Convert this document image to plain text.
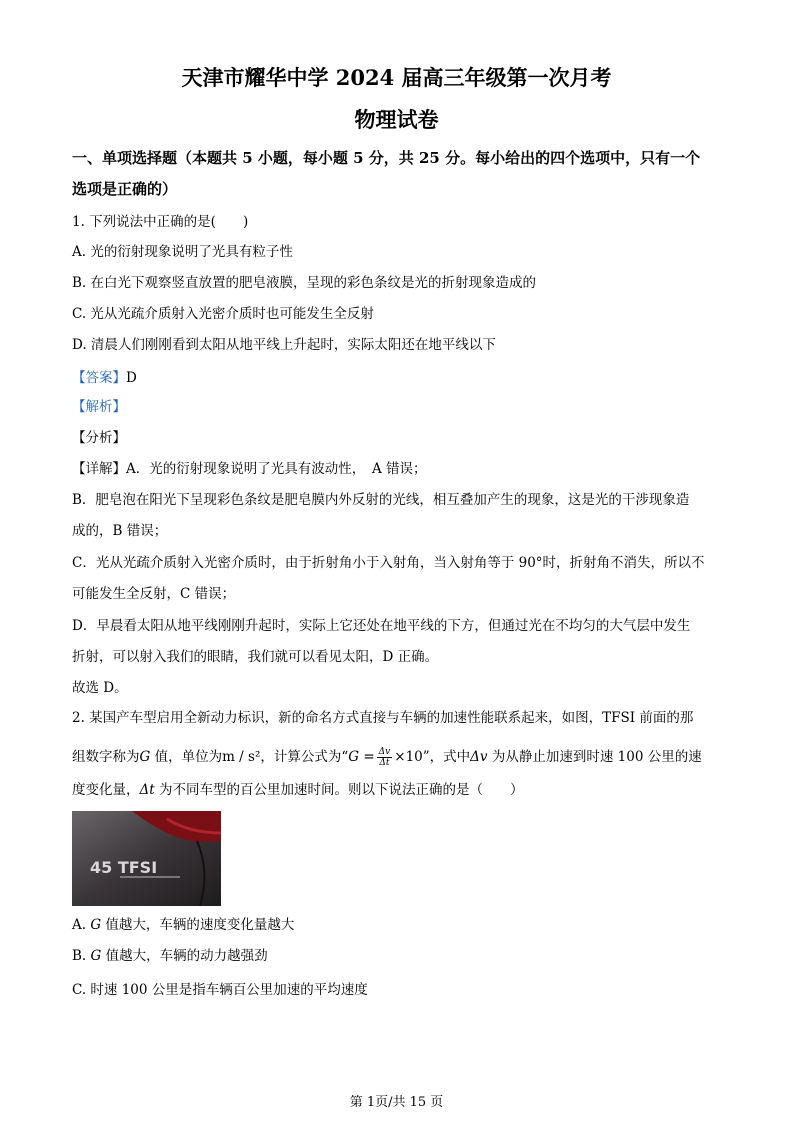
天津市耀华中学 2024 届高三年级第一次月考
物理试卷
一、单项选择题（本题共 5 小题，每小题 5 分，共 25 分。每小给出的四个选项中，只有一个
选项是正确的）
1. 下列说法中正确的是(　　)
A. 光的衍射现象说明了光具有粒子性
B. 在白光下观察竖直放置的肥皂液膜，呈现的彩色条纹是光的折射现象造成的
C. 光从光疏介质射入光密介质时也可能发生全反射
D. 清晨人们刚刚看到太阳从地平线上升起时，实际太阳还在地平线以下
【答案】D
【解析】
【分析】
【详解】A．光的衍射现象说明了光具有波动性，　A 错误；
B．肥皂泡在阳光下呈现彩色条纹是肥皂膜内外反射的光线，相互叠加产生的现象，这是光的干涉现象造
成的，B 错误；
C．光从光疏介质射入光密介质时，由于折射角小于入射角，当入射角等于 90°时，折射角不消失，所以不
可能发生全反射，C 错误；
D．早晨看太阳从地平线刚刚升起时，实际上它还处在地平线的下方，但通过光在不均匀的大气层中发生
折射，可以射入我们的眼睛，我们就可以看见太阳，D 正确。
故选 D。
2. 某国产车型启用全新动力标识，新的命名方式直接与车辆的加速性能联系起来，如图，TFSI 前面的那
组数字称为G 值，单位为m / s²，计算公式为“$G = \frac{\Delta v}{\Delta t} \times 10$”，式中Δv 为从静止加速到时速 100 公里的速
度变化量，Δt 为不同车型的百公里加速时间。则以下说法正确的是（　　）
45 TFSI
A. G 值越大，车辆的速度变化量越大
B. G 值越大，车辆的动力越强劲
C. 时速 100 公里是指车辆百公里加速的平均速度
第 1页/共 15 页
